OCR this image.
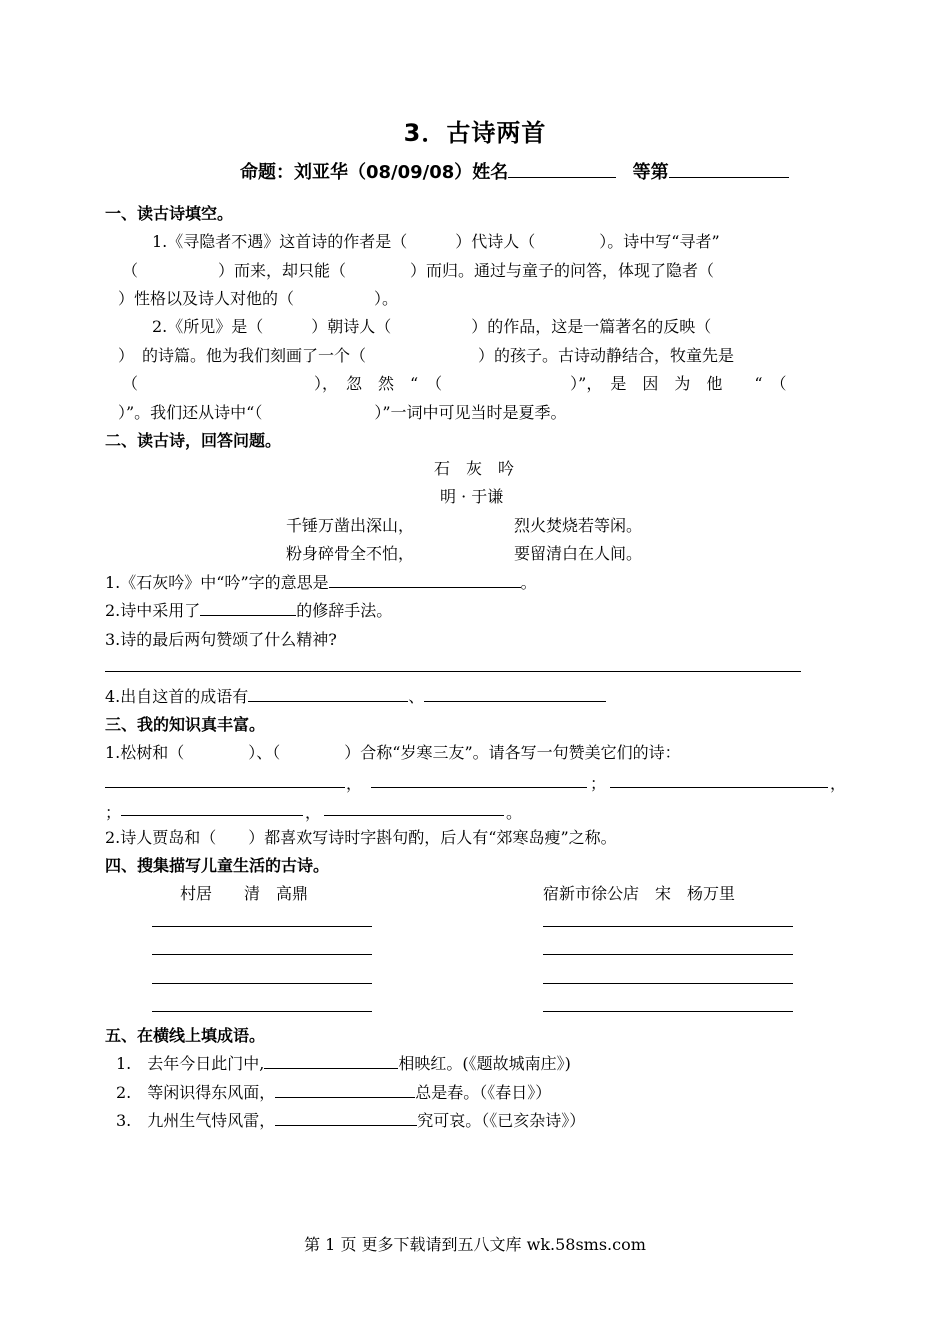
3．古诗两首
命题：刘亚华（08/09/08）姓名	等第
一、读古诗填空。
1.《寻隐者不遇》这首诗的作者是（　　　）代诗人（　　　　）。诗中写“寻者”
（　　　　　）而来，却只能（　　　　）而归。通过与童子的问答，体现了隐者（
）性格以及诗人对他的（　　　　　）。
2.《所见》是（　　　）朝诗人（　　　　　）的作品，这是一篇著名的反映（
）　的诗篇。他为我们刻画了一个（　　　　　　　）的孩子。古诗动静结合，牧童先是
（　　　　　　　　　　　），　忽　然　“　（　　　　　　　　）”，　是　因　为　他　　“　（
）”。我们还从诗中“（　　　　　　　）”一词中可见当时是夏季。
二、读古诗，回答问题。
石　灰　吟
明 · 于谦
千锤万凿出深山，	烈火焚烧若等闲。
粉身碎骨全不怕，	要留清白在人间。
1.《石灰吟》中“吟”字的意思是	。
2.诗中采用了	的修辞手法。
3.诗的最后两句赞颂了什么精神?
4.出自这首的成语有	、
三、我的知识真丰富。
1.松树和（　　　　）、（　　　　）合称“岁寒三友”。请各写一句赞美它们的诗：
，	；	，
；	，	。
2.诗人贾岛和（　　）都喜欢写诗时字斟句酌，后人有“郊寒岛瘦”之称。
四、搜集描写儿童生活的古诗。
村居　　清　高鼎	宿新市徐公店　宋　杨万里
五、在横线上填成语。
1. 去年今日此门中,	相映红。(《题故城南庄》)
2. 等闲识得东风面，	总是春。（《春日》）
3. 九州生气恃风雷，	究可哀。（《已亥杂诗》）
第 1 页 更多下载请到五八文库 wk.58sms.com
